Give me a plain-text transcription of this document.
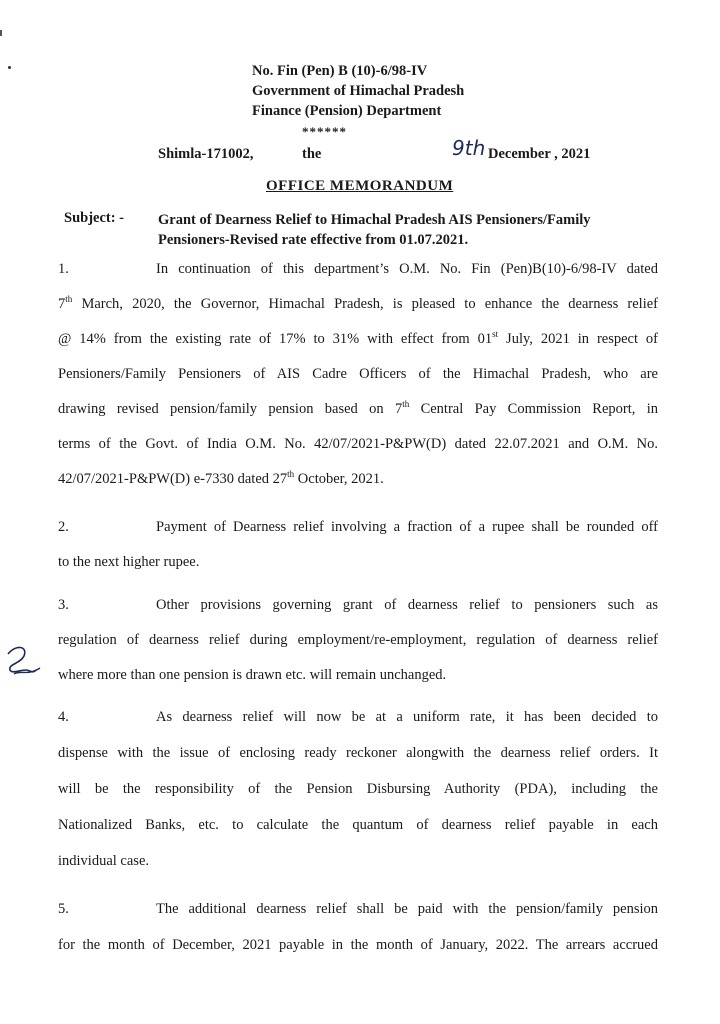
No. Fin (Pen) B (10)-6/98-IV
Government of Himachal Pradesh
Finance (Pension) Department
******
Shimla-171002,	the	9th December , 2021
OFFICE MEMORANDUM
Subject: - Grant of Dearness Relief to Himachal Pradesh AIS Pensioners/Family Pensioners-Revised rate effective from 01.07.2021.
1.	In continuation of this department’s O.M. No. Fin (Pen)B(10)-6/98-IV dated
7th March, 2020, the Governor, Himachal Pradesh, is pleased to enhance the dearness relief
@ 14% from the existing rate of 17% to 31% with effect from 01st July, 2021 in respect of
Pensioners/Family Pensioners of AIS Cadre Officers of the Himachal Pradesh, who are
drawing revised pension/family pension based on 7th Central Pay Commission Report, in
terms of the Govt. of India O.M. No. 42/07/2021-P&PW(D) dated 22.07.2021 and O.M. No.
42/07/2021-P&PW(D) e-7330 dated 27th October, 2021.
2.	Payment of Dearness relief involving a fraction of a rupee shall be rounded off
to the next higher rupee.
3.	Other provisions governing grant of dearness relief to pensioners such as
regulation of dearness relief during employment/re-employment, regulation of dearness relief
where more than one pension is drawn etc. will remain unchanged.
4.	As dearness relief will now be at a uniform rate, it has been decided to
dispense with the issue of enclosing ready reckoner alongwith the dearness relief orders. It
will be the responsibility of the Pension Disbursing Authority (PDA), including the
Nationalized Banks, etc. to calculate the quantum of dearness relief payable in each
individual case.
5.	The additional dearness relief shall be paid with the pension/family pension
for the month of December, 2021 payable in the month of January, 2022. The arrears accrued
